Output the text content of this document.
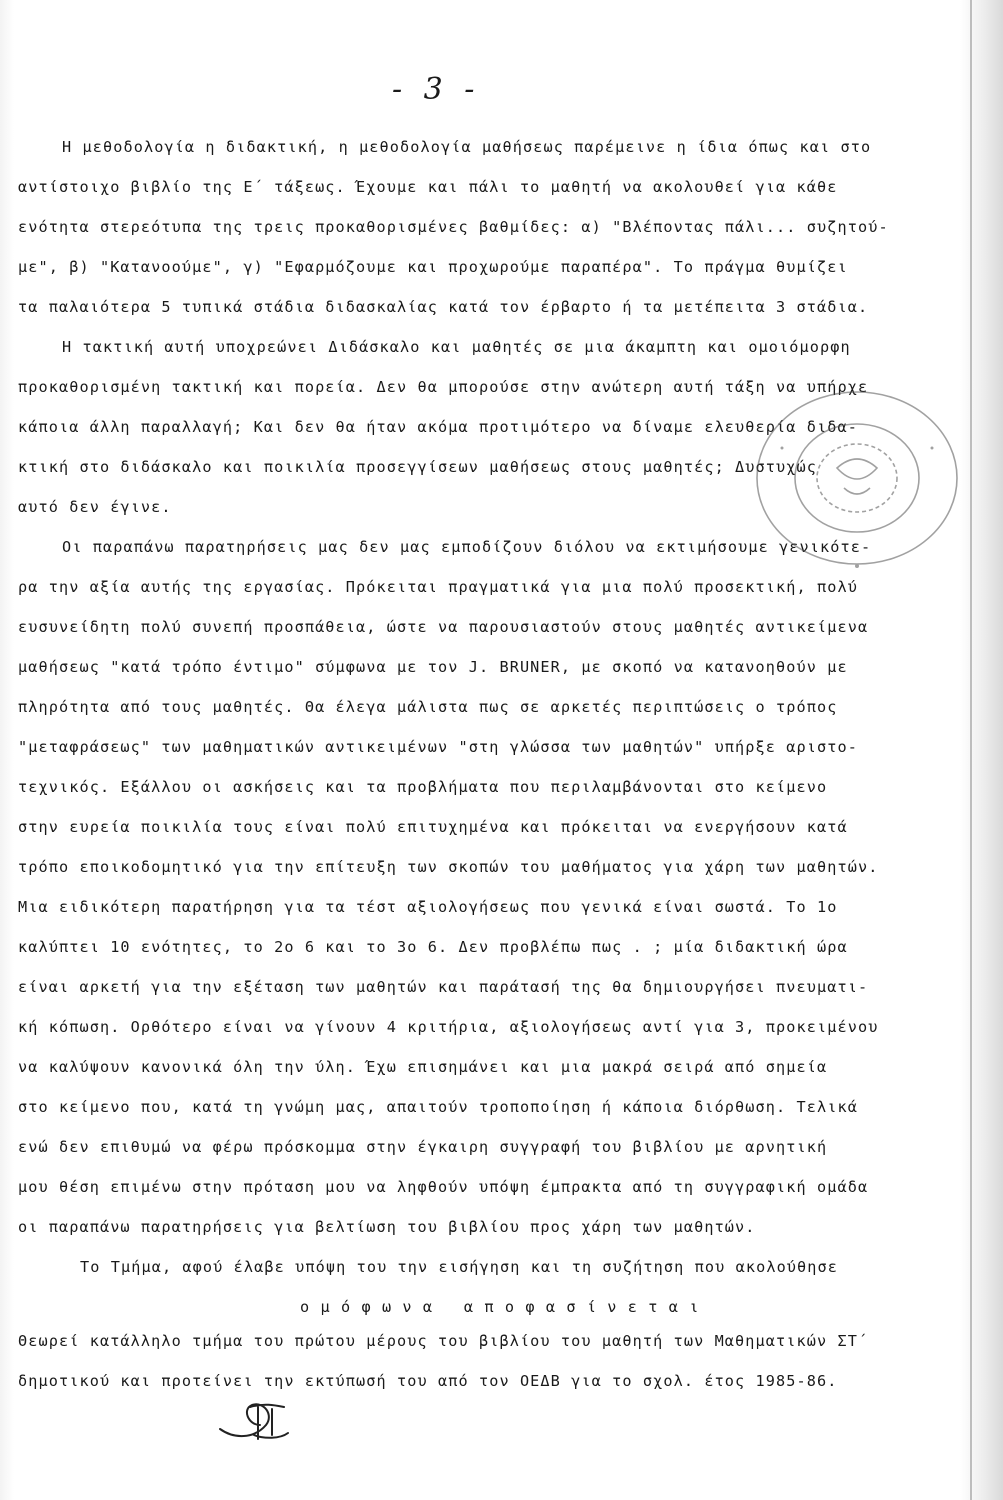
- 3 -
Η μεθοδολογία η διδακτική, η μεθοδολογία μαθήσεως παρέμεινε η ίδια όπως και στο
αντίστοιχο βιβλίο της Ε΄ τάξεως. Έχουμε και πάλι το μαθητή να ακολουθεί για κάθε
ενότητα στερεότυπα της τρεις προκαθορισμένες βαθμίδες: α) "Βλέποντας πάλι... συζητού-
με", β) "Κατανοούμε", γ) "Εφαρμόζουμε και προχωρούμε παραπέρα". Το πράγμα θυμίζει
τα παλαιότερα 5 τυπικά στάδια διδασκαλίας κατά τον έρβαρτο ή τα μετέπειτα 3 στάδια.
Η τακτική αυτή υποχρεώνει Διδάσκαλο και μαθητές σε μια άκαμπτη και ομοιόμορφη
προκαθορισμένη τακτική και πορεία. Δεν θα μπορούσε στην ανώτερη αυτή τάξη να υπήρχε
κάποια άλλη παραλλαγή; Και δεν θα ήταν ακόμα προτιμότερο να δίναμε ελευθερία διδα-
κτική στο διδάσκαλο και ποικιλία προσεγγίσεων μαθήσεως στους μαθητές; Δυστυχώς
αυτό δεν έγινε.
Οι παραπάνω παρατηρήσεις μας δεν μας εμποδίζουν διόλου να εκτιμήσουμε γενικότε-
ρα την αξία αυτής της εργασίας. Πρόκειται πραγματικά για μια πολύ προσεκτική, πολύ
ευσυνείδητη πολύ συνεπή προσπάθεια, ώστε να παρουσιαστούν στους μαθητές αντικείμενα
μαθήσεως "κατά τρόπο έντιμο" σύμφωνα με τον J. BRUNER, με σκοπό να κατανοηθούν με
πληρότητα από τους μαθητές. Θα έλεγα μάλιστα πως σε αρκετές περιπτώσεις ο τρόπος
"μεταφράσεως" των μαθηματικών αντικειμένων "στη γλώσσα των μαθητών" υπήρξε αριστο-
τεχνικός. Εξάλλου οι ασκήσεις και τα προβλήματα που περιλαμβάνονται στο κείμενο
στην ευρεία ποικιλία τους είναι πολύ επιτυχημένα και πρόκειται να ενεργήσουν κατά
τρόπο εποικοδομητικό για την επίτευξη των σκοπών του μαθήματος για χάρη των μαθητών.
Μια ειδικότερη παρατήρηση για τα τέστ αξιολογήσεως που γενικά είναι σωστά. Το 1ο
καλύπτει 10 ενότητες, το 2ο 6 και το 3ο 6. Δεν προβλέπω πως . ; μία διδακτική ώρα
είναι αρκετή για την εξέταση των μαθητών και παράτασή της θα δημιουργήσει πνευματι-
κή κόπωση. Ορθότερο είναι να γίνουν 4 κριτήρια, αξιολογήσεως αντί για 3, προκειμένου
να καλύψουν κανονικά όλη την ύλη. Έχω επισημάνει και μια μακρά σειρά από σημεία
στο κείμενο που, κατά τη γνώμη μας, απαιτούν τροποποίηση ή κάποια διόρθωση. Τελικά
ενώ δεν επιθυμώ να φέρω πρόσκομμα στην έγκαιρη συγγραφή του βιβλίου με αρνητική
μου θέση επιμένω στην πρόταση μου να ληφθούν υπόψη έμπρακτα από τη συγγραφική ομάδα
οι παραπάνω παρατηρήσεις για βελτίωση του βιβλίου προς χάρη των μαθητών.
Το Τμήμα, αφού έλαβε υπόψη του την εισήγηση και τη συζήτηση που ακολούθησε
ο μ ό φ ω ν α   α π ο φ α σ ί ν ε τ α ι
Θεωρεί κατάλληλο τμήμα του πρώτου μέρους του βιβλίου του μαθητή των Μαθηματικών ΣΤ΄
δημοτικού και προτείνει την εκτύπωσή του από τον ΟΕΔΒ για το σχολ. έτος 1985-86.
